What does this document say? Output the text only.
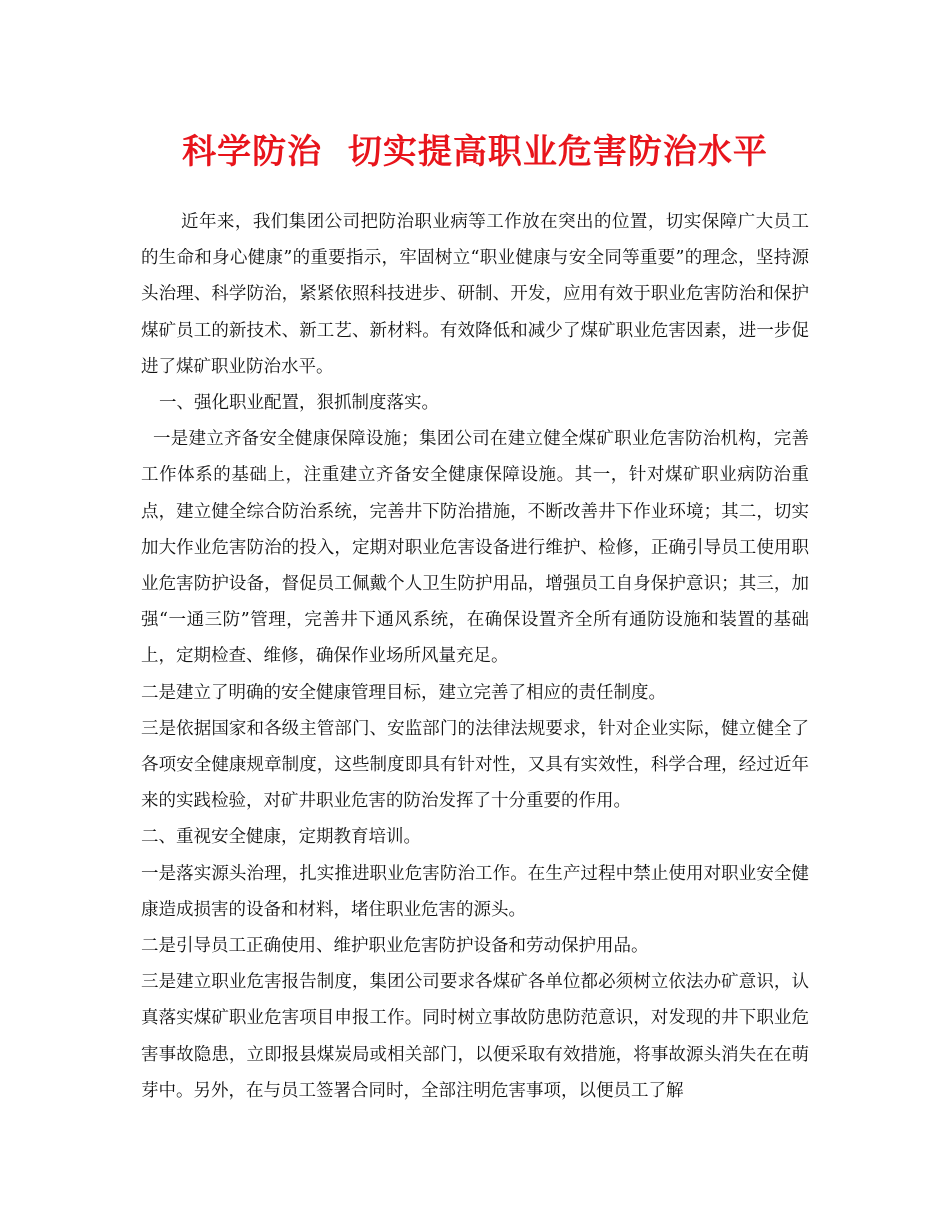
科学防治  切实提高职业危害防治水平

近年来，我们集团公司把防治职业病等工作放在突出的位置，切实保障广大员工的生命和身心健康”的重要指示，牢固树立“职业健康与安全同等重要”的理念，坚持源头治理、科学防治，紧紧依照科技进步、研制、开发，应用有效于职业危害防治和保护煤矿员工的新技术、新工艺、新材料。有效降低和减少了煤矿职业危害因素，进一步促进了煤矿职业防治水平。

一、强化职业配置，狠抓制度落实。

一是建立齐备安全健康保障设施；集团公司在建立健全煤矿职业危害防治机构，完善工作体系的基础上，注重建立齐备安全健康保障设施。其一，针对煤矿职业病防治重点，建立健全综合防治系统，完善井下防治措施，不断改善井下作业环境；其二，切实加大作业危害防治的投入，定期对职业危害设备进行维护、检修，正确引导员工使用职业危害防护设备，督促员工佩戴个人卫生防护用品，增强员工自身保护意识；其三，加强“一通三防”管理，完善井下通风系统，在确保设置齐全所有通防设施和装置的基础上，定期检查、维修，确保作业场所风量充足。

二是建立了明确的安全健康管理目标，建立完善了相应的责任制度。

三是依据国家和各级主管部门、安监部门的法律法规要求，针对企业实际，健立健全了各项安全健康规章制度，这些制度即具有针对性，又具有实效性，科学合理，经过近年来的实践检验，对矿井职业危害的防治发挥了十分重要的作用。

二、重视安全健康，定期教育培训。

一是落实源头治理，扎实推进职业危害防治工作。在生产过程中禁止使用对职业安全健康造成损害的设备和材料，堵住职业危害的源头。

二是引导员工正确使用、维护职业危害防护设备和劳动保护用品。

三是建立职业危害报告制度，集团公司要求各煤矿各单位都必须树立依法办矿意识，认真落实煤矿职业危害项目申报工作。同时树立事故防患防范意识，对发现的井下职业危害事故隐患，立即报县煤炭局或相关部门，以便采取有效措施，将事故源头消失在在萌芽中。另外，在与员工签署合同时，全部注明危害事项，以便员工了解
